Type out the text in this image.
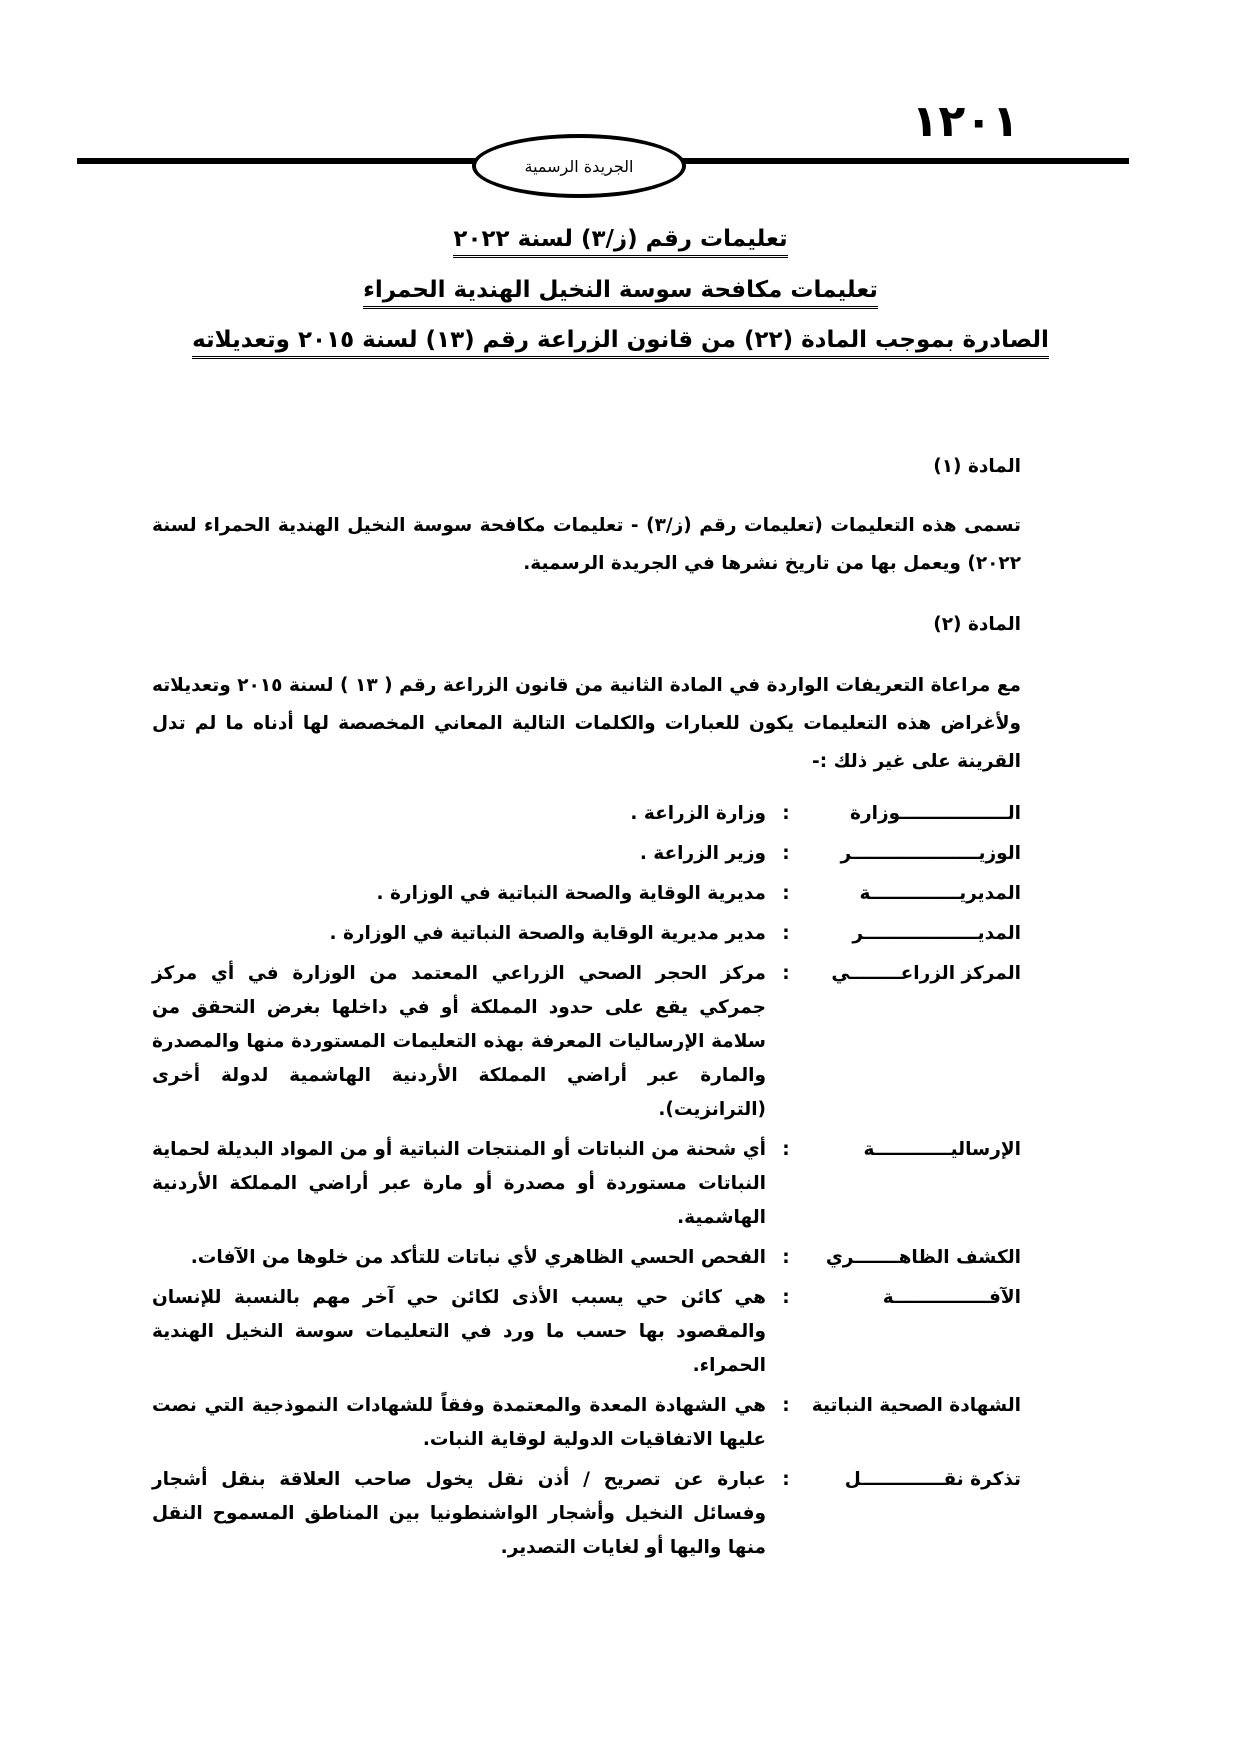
١٢٠١
الجريدة الرسمية
تعليمات رقم (ز/٣) لسنة ٢٠٢٢
تعليمات مكافحة سوسة النخيل الهندية الحمراء
الصادرة بموجب المادة (٢٢) من قانون الزراعة رقم (١٣) لسنة ٢٠١٥ وتعديلاته
المادة (١)
تسمى هذه التعليمات (تعليمات رقم (ز/٣) - تعليمات مكافحة سوسة النخيل الهندية الحمراء لسنة ٢٠٢٢) ويعمل بها من تاريخ نشرها في الجريدة الرسمية.
المادة (٢)
مع مراعاة التعريفات الواردة في المادة الثانية من قانون الزراعة رقم ( ١٣ ) لسنة ٢٠١٥ وتعديلاته ولأغراض هذه التعليمات يكون للعبارات والكلمات التالية المعاني المخصصة لها أدناه ما لم تدل القرينة على غير ذلك :-
الـــــــــــــــــوزارة
:
وزارة الزراعة .
الوزيــــــــــــــــــــر
:
وزير الزراعة .
المديريــــــــــــــة
:
مديرية الوقاية والصحة النباتية في الوزارة .
المديــــــــــــــــــر
:
مدير مديرية الوقاية والصحة النباتية في الوزارة .
المركز الزراعــــــــي
:
مركز الحجر الصحي الزراعي المعتمد من الوزارة في أي مركز جمركي يقع على حدود المملكة أو في داخلها بغرض التحقق من سلامة الإرساليات المعرفة بهذه التعليمات المستوردة منها والمصدرة والمارة عبر أراضي المملكة الأردنية الهاشمية لدولة أخرى (الترانزيت).
الإرساليــــــــــــة
:
أي شحنة من النباتات أو المنتجات النباتية أو من المواد البديلة لحماية النباتات مستوردة أو مصدرة أو مارة عبر أراضي المملكة الأردنية الهاشمية.
الكشف الظاهـــــــري
:
الفحص الحسي الظاهري لأي نباتات للتأكد من خلوها من الآفات.
الآفـــــــــــــــة
:
هي كائن حي يسبب الأذى لكائن حي آخر مهم بالنسبة للإنسان والمقصود بها حسب ما ورد في التعليمات سوسة النخيل الهندية الحمراء.
الشهادة الصحية النباتية
:
هي الشهادة المعدة والمعتمدة وفقاً للشهادات النموذجية التي نصت عليها الاتفاقيات الدولية لوقاية النبات.
تذكرة نقـــــــــــــل
:
عبارة عن تصريح / أذن نقل يخول صاحب العلاقة بنقل أشجار وفسائل النخيل وأشجار الواشنطونيا بين المناطق المسموح النقل منها واليها أو لغايات التصدير.
